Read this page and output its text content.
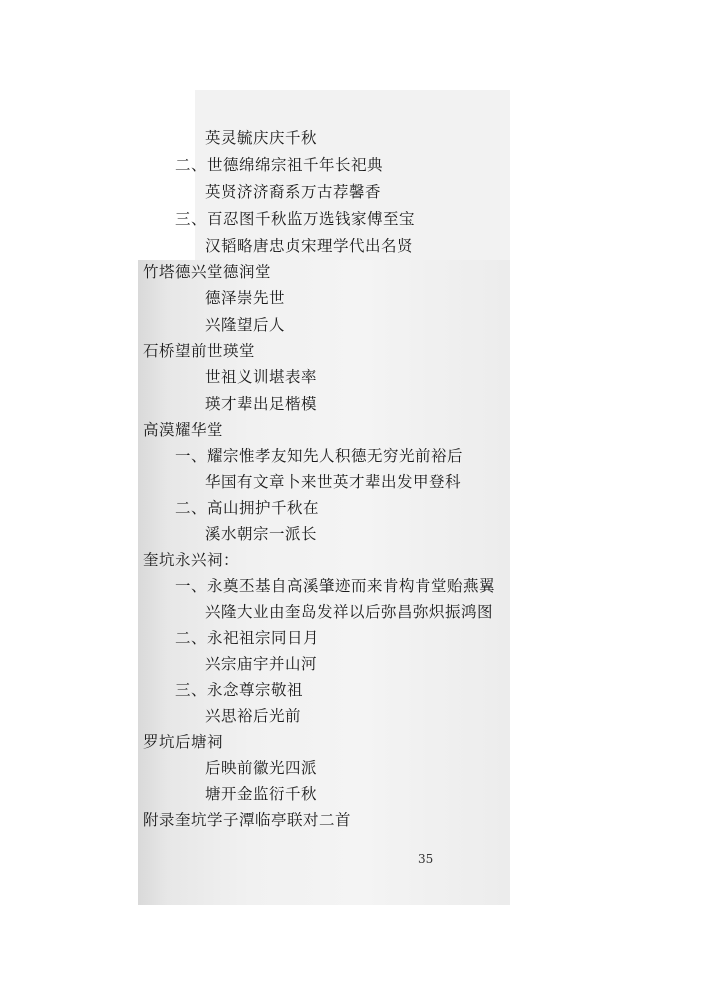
英灵毓庆庆千秋
二、世德绵绵宗祖千年长祀典
英贤济济裔系万古荐馨香
三、百忍图千秋监万选钱家傅至宝
汉韬略唐忠贞宋理学代出名贤
竹塔德兴堂德润堂
德泽崇先世
兴隆望后人
石桥望前世瑛堂
世祖义训堪表率
瑛才辈出足楷模
高漠耀华堂
一、耀宗惟孝友知先人积德无穷光前裕后
华国有文章卜来世英才辈出发甲登科
二、高山拥护千秋在
溪水朝宗一派长
奎坑永兴祠：
一、永奠丕基自高溪肇迹而来肯构肯堂贻燕翼
兴隆大业由奎岛发祥以后弥昌弥炽振鸿图
二、永祀祖宗同日月
兴宗庙宇并山河
三、永念尊宗敬祖
兴思裕后光前
罗坑后塘祠
后映前徽光四派
塘开金监衍千秋
附录奎坑学子潭临亭联对二首
35
